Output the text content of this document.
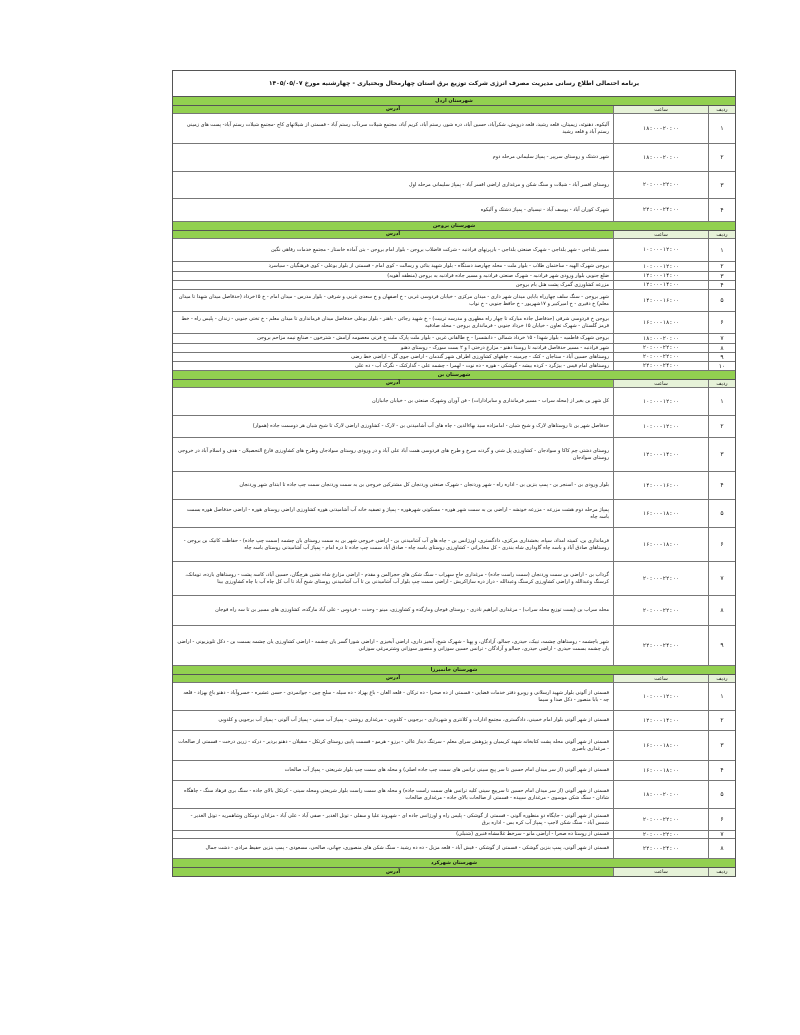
برنامه احتمالی اطلاع رسانی مدیریت مصرف انرژی شرکت توزیع برق استان چهارمحال وبختیاری - چهارشنبه مورخ ۱۴۰۵/۰۵/۰۷
شهرستان اردل
ردیف
ساعت
آدرس
۱
۱۸:۰۰-۲۰:۰۰
آلیکوه، دهنوئه، زیمیتان، قلعه رشید، قلعه درویش، شکرآباد، حسین آباد، دره شور، رستم آباد، کریم آباد، مجتمع شیلات سردآب رستم آباد - قسمتی از شیلاتهای کاج -مجتمع شیلات رستم آباد- پست های زمینی رستم آباد و قلعه رشید
۲
۱۸:۰۰-۲۰:۰۰
شهر دشتک و روستای سرپیر - پمپاژ سلیمانی مرحله دوم
۳
۲۰:۰۰-۲۲:۰۰
روستای افسر آباد - شیلات و سنگ شکن و مرغداری اراضی افسر آباد - پمپاژ سلیمانی مرحله اول
۴
۲۲:۰۰-۲۴:۰۰
شهرک کوران آباد - یوسف آباد - نیسیای - پمپاژ دشتک و آلیکوه
شهرستان بروجن
ردیف
ساعت
آدرس
۱
۱۰:۰۰-۱۲:۰۰
مسیر بلداجی - شهر بلداجی - شهرک صنعتی بلداجی - بارپرنهای فرادنبه - شرکت فاضلاب بروجن - بلوار امام بروجن - بتن آماده خاستار - مجتمع خدمات رفاهی نگین
۲
۱۰:۰۰-۱۲:۰۰
بروجن شهرک الهیه - ساختمان طلاب - بلوار ملت - محله چهارصد دستگاه - بلوار شهید بنائی و رسالت - کوی امام - قسمتی از بلوار بوعلی - کوی فرهنگیان - سیاسرد
۳
۱۲:۰۰-۱۴:۰۰
ضلع جنوبی بلوار ورودی شهر فرادنبه - شهرک صنعتی فرادنبه و مسیر جاده فرادنبه به بروجن (منطقه آهویه)
۴
۱۲:۰۰-۱۴:۰۰
مزرعه کشاورزی گمرک پشت هتل بام بروجن
۵
۱۴:۰۰-۱۶:۰۰
شهر بروجن - سنگ سلف چهارراه بابایی میدان شهر داری - میدان مرکزی - خیابان فردوسی غربی - خ اصفهان و خ سعدی غربی و شرقی - بلوار مدرس - میدان امام - خ ۱۵خرداد (حدفاصل میدان شهدا تا میدان معلم) خ دقیری - خ امیرکبیر و ۱۷شهریور - خ حافظ جنوبی - خ نواب
۶
۱۶:۰۰-۱۸:۰۰
بروجن خ فردوسی شرقی (حدفاصل جاده مبارکه تا چهار راه مطهری و مدرسه تربیت) - خ شهید رجائی - باهنر - بلوار بوعلی حدفاصل میدان فرمانداری تا میدان معلم - خ تختی جنوبی - زندان - پلیس راه - خط قرمز گلستان - شهرک تعاون - خیابان ۱۵ خرداد جنوبی - فرمانداری بروجن - محله صادقیه
۷
۱۸:۰۰-۲۰:۰۰
بروجن شهرک فاطمیه - بلوار شهدا - ۱۵ خرداد شمالی - دانشسرا - خ طالقانی غربی - بلوار ملت پارک ملت خ قرنی معصومه آرامش - شترخون - صنایع نیمه مزاحم بروجن
۸
۲۰:۰۰-۲۲:۰۰
شهر فرادنبه - مسیر حدفاصل فرادنبه تا روستا دهنو - مزارع درختی ا و ۲ بست سورک - روستای دهنو
۹
۲۰:۰۰-۲۲:۰۰
روستاهای حسین آباد - ستاجان - کتک - چرمینه - چاههای کشاورزی اطراف شهر گندمان - اراضی جوی گل - اراضی خط رضی
۱۰
۲۲:۰۰-۲۴:۰۰
روستاهای امام قیس - بیژگرد - کرده بیشه - گوشکی - هوره - ده نوت - لهمرا - چشمه علی - گدارکنک - نگرک آب - ده علی
شهرستان بن
ردیف
ساعت
آدرس
۱
۱۰:۰۰-۱۲:۰۰
کل شهر بن بغیر از (محله سراب - مسیر فرمانداری و سابرادارات) - فن آوران وشهرک صنعتی بن - خیابان جانبازان
۲
۱۰:۰۰-۱۲:۰۰
حدفاصل شهر بن تا روستاهای لارک و شیخ شبان - امامزاده سید بهاءالدین - چاه های آب آشامیدنی بن - لارک - کشاورزی اراضی لارک تا شیخ شبان هر دوسمت جاده (هموار)
۳
۱۲:۰۰-۱۴:۰۰
روستای دشتی چم کاکا و سوادجان - کشاورزی پل شنی و گردنه سرخ و طرح های فردوسی همت آباد علی آباد و در ورودی روستای سوادجان وطرح های کشاورزی فارغ التحصیلان - هدف و اسلام آباد در خروجی روستای سوادجان
۴
۱۴:۰۰-۱۶:۰۰
بلوار ورودی بن - اسنجر بن - پمپ بنزین بن - اداره راه - شهر وردنجان - شهرک صنعتی وردنجان کل مشترکین خروجی بن به سمت وردنجان سمت چپ جاده تا ابتدای شهر وردنجان
۵
۱۶:۰۰-۱۸:۰۰
پمپاژ مرحله دوم هشت مزرعه - مزرعه خونشه - اراضی بن به سمت شهر هوره - مسکونی شهرهوره - پمپاژ و تصفیه خانه آب آشامیدنی هوره کشاورزی اراضی روستای هوره - اراضی حدفاصل هوره بسمت باسه چاه
۶
۱۶:۰۰-۱۸:۰۰
فرمانداری بن، کمیته امداد، سپاه، بخشداری مرکزی، دادگستری، اورژانس بن - چاه های آب آشامیدنی بن - اراضی خروجی شهر بن به سمت روستای بان چشمه (سمت چپ جاده) - حفاظت کانیک بن بروجن - روستاهای صادق آباد و باسه چاه گاوداری شاه بندری - کل مخابراتی - کشاورزی روستای باسه چاه - صادق آباد سمت چپ جاده تا دره امام - پمپاژ آب آشامیدنی روستای باسه چاه
۷
۲۰:۰۰-۲۲:۰۰
گرداب بن - اراضی بن سمت وردنجان (سمت راست جاده) - مرغداری حاج سهراب - سنگ شکن های حجرالمن و مقدم - اراضی مزارع شاه نشین هرچگان، حسین آباد، کاسه پشت - روستاهای بارده، تومانک، کرسنگ وعبدالله و اراضی کشاورزی کرسنگ وعبدالله - دراز دره سازاکریش - اراضی سمت چپ بلوار آب آشامیدنی بن تا آب آشامیدنی روستای شیخ آباد تا آب کل چاه آب با چاه کشاورزی بینا
۸
۲۰:۰۰-۲۲:۰۰
محله سراب بن (پست توزیع محله سراب) - مرغداری ابراهیم نادری - روستای فوجان ومارگده و کشاورزی، مینو - وحدت - فردوس - علی آباد مارگده، کشاورزی های مسیر بن تا سه راه فوجان
۹
۲۲:۰۰-۲۴:۰۰
شهر باچشمه - روستاهای چشمه، تیبک، حیدری، جمالو، آزادگان، و پهنا - شهرک شیخ، آبخیز داری، اراضی آبخیزی - اراضی شورا گسر یان چشمه - اراضی کشاورزی یان چشمه بسمت بن - دکل تلویزیونی - اراضی یان چشمه بسمت حیدری - اراضی حیدری، جمالو و آزادگان - ترانس حسین سوزانی و منصور سوزانی وشترمرغی سوزانی
شهرستان خانمیرزا
ردیف
ساعت
آدرس
۱
۱۰:۰۰-۱۲:۰۰
قسمتی از آلونی بلوار شهید ارسلانی و روبرو دفتر خدمات قضایی - قسمتی از ده صحرا - ده ترکان - قلعه الغان - باغ بهزاد - ده سیله - سلح چین - جوانمردی - حسن عشیره - خسروآباد - دهنو باغ بهزاد - قلعه چه - بابا منصور - دکل صدا و سیما
۲
۱۲:۰۰-۱۴:۰۰
قسمتی از شهر آلونی بلوار امام خمینی، دادگستری، مجتمع ادارات و کلانتری و شهرداری - برجویی - کلدوبی - مرغداری روشنی - پمپاژ آب سینی - پمپاژ آب آلونی - پمپاژ آب برجویی و کلدوبی
۳
۱۶:۰۰-۱۸:۰۰
قسمتی از شهر آلونی محله پشت کتابخانه شهید کریمیان و پژوهش سرای معلم - سرتنگ دیناز عالی - برزو - هرمو - قسمت پایین روستای کرتکل - سقیلان - دهنو بردیر - درکه - زرین درخت - قسمتی از صالحات - مرغداری باصری
۴
۱۶:۰۰-۱۸:۰۰
قسمتی از شهر آلونی (از سر میدان امام حسین تا سر پیچ سینی ترانس های سمت چپ جاده اصلی) و محله های سمت چپ بلوار شریعتی - پمپاژ آب صالحات
۵
۱۸:۰۰-۲۰:۰۰
قسمتی از شهر آلونی (از سر میدان امام حسین تا سرپیچ سینی کلیه ترانس های سمت راست جاده) و محله های سمت راست بلوار شریعتی ومحله سینی - کرتکل بالای جاده - سنگ بری فرهاد سنگ - چاهگاه شادان - سنگ شکن موسوی - مرغداری سپیده - قسمتی از صالحات بالای جاده - مرغداری صالحات
۶
۲۰:۰۰-۲۲:۰۰
قسمتی از شهر آلونی - جایگاه دو منظوره آلونی - قسمتی از گوشکی - پلیس راه و اورژانس جاده ای - شهروند علیا و سفلی - تونل الغدیر - صفی آباد - علی آباد - مزادان دومکان وشاهمریه - تونل الغدیر - شمس آباد - سنگ شکن لاجپ - پمپاژ آب کره بس - اداره برق
۷
۲۰:۰۰-۲۲:۰۰
قسمتی از روستا ده صحرا - اراضی مانو - سرخط غلامشاه قنبری (شنبلی)
۸
۲۲:۰۰-۲۴:۰۰
قسمتی از شهر آلونی، پمپ بنزین گوشکی - قسمتی از گوشکی - قیش آباد - قلعه مزیل - ده ده رشید - سنگ شکن های منصوری، جهانی، صالحی، مسعودی - پمپ بنزین حفیظ مرادی - دشت جمال
شهرستان شهرکرد
ردیف
ساعت
آدرس
